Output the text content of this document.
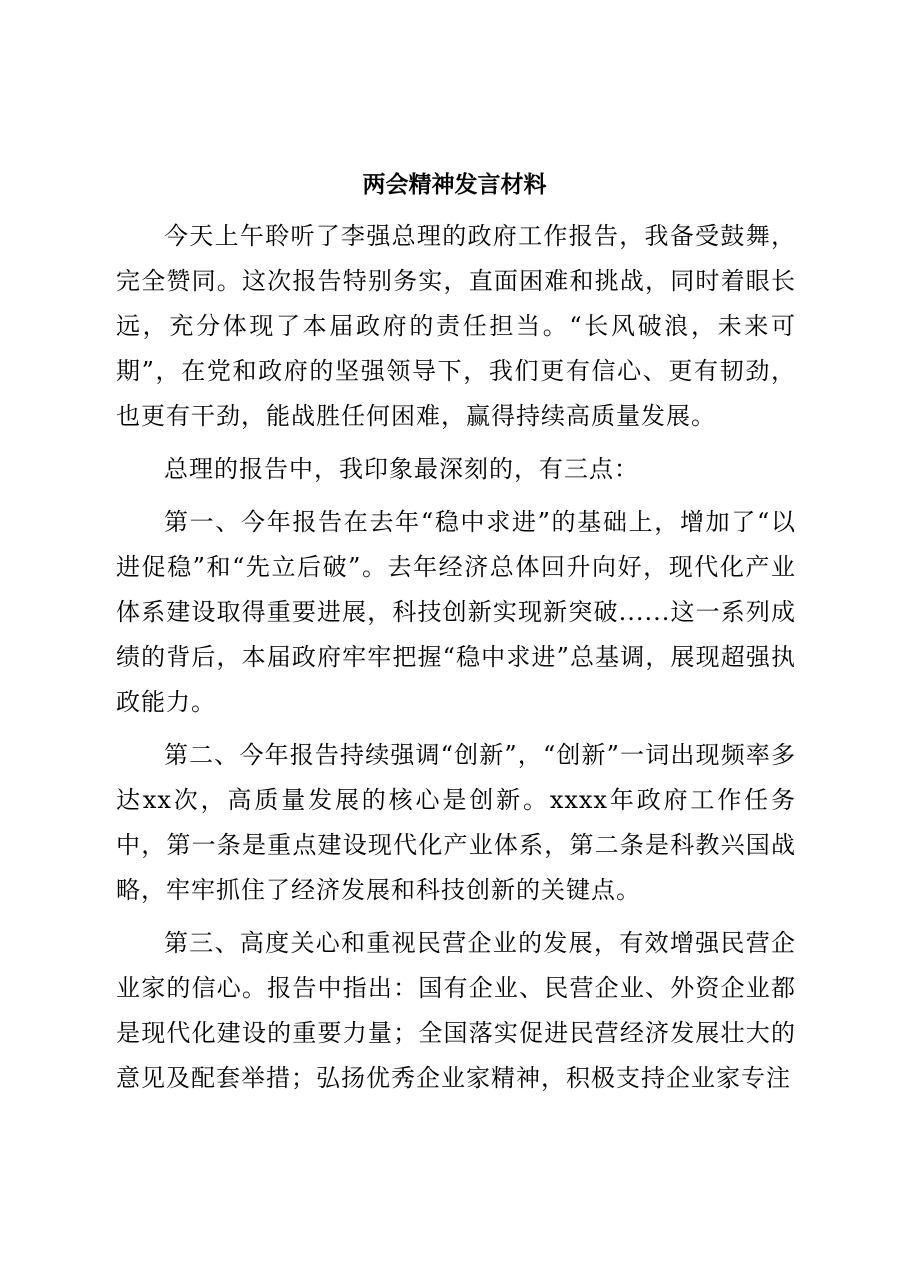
两会精神发言材料

今天上午聆听了李强总理的政府工作报告，我备受鼓舞，完全赞同。这次报告特别务实，直面困难和挑战，同时着眼长远，充分体现了本届政府的责任担当。“长风破浪，未来可期”，在党和政府的坚强领导下，我们更有信心、更有韧劲，也更有干劲，能战胜任何困难，赢得持续高质量发展。

总理的报告中，我印象最深刻的，有三点：

第一、今年报告在去年“稳中求进”的基础上，增加了“以进促稳”和“先立后破”。去年经济总体回升向好，现代化产业体系建设取得重要进展，科技创新实现新突破......这一系列成绩的背后，本届政府牢牢把握“稳中求进”总基调，展现超强执政能力。

第二、今年报告持续强调“创新”，“创新”一词出现频率多达xx次，高质量发展的核心是创新。xxxx年政府工作任务中，第一条是重点建设现代化产业体系，第二条是科教兴国战略，牢牢抓住了经济发展和科技创新的关键点。

第三、高度关心和重视民营企业的发展，有效增强民营企业家的信心。报告中指出：国有企业、民营企业、外资企业都是现代化建设的重要力量；全国落实促进民营经济发展壮大的意见及配套举措；弘扬优秀企业家精神，积极支持企业家专注
